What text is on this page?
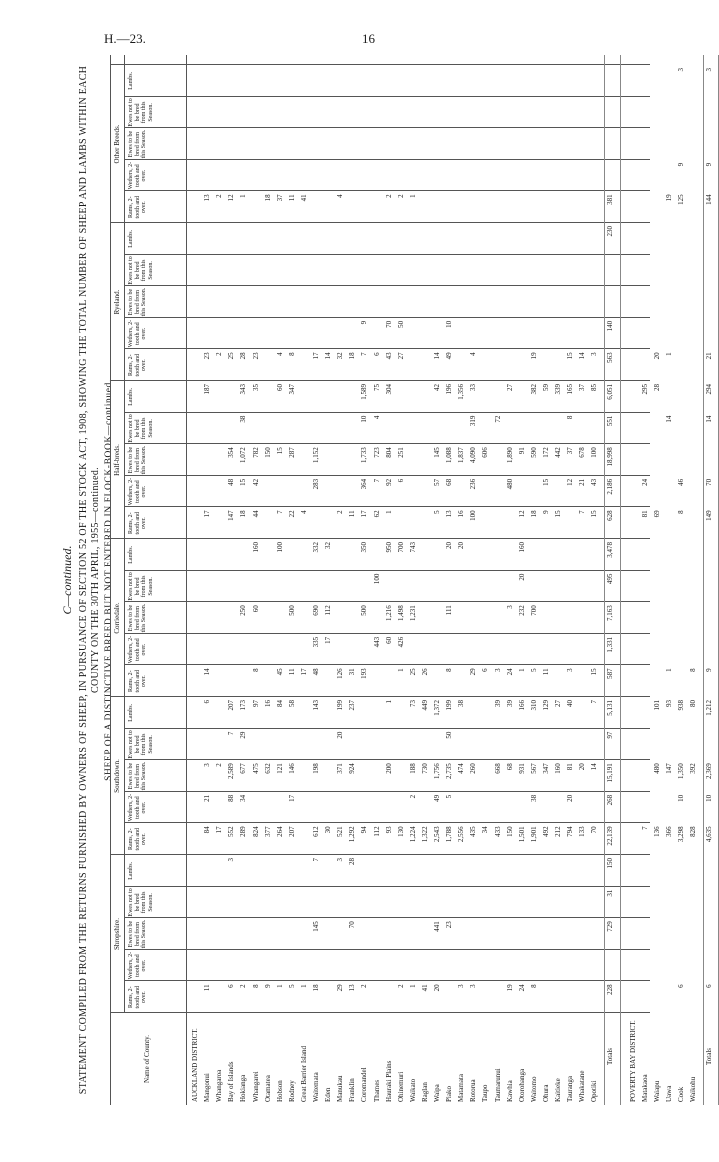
H.—23.	16
C—continued. STATEMENT COMPILED FROM THE RETURNS FURNISHED BY OWNERS OF SHEEP, IN PURSUANCE OF SECTION 52 OF THE STOCK ACT, 1908, SHOWING THE TOTAL NUMBER OF SHEEP AND LAMBS WITHIN EACH COUNTY ON THE 30TH APRIL, 1955—continued. SHEEP OF A DISTINCTIVE BREED BUT NOT ENTERED IN FLOCK-BOOK—continued.
Name of County.
Shropshire.
Rams, 2-tooth and over.
Wethers, 2-tooth and over.
Ewes to be bred from this Season.
Ewes not to be bred from this Season.
Lambs.
Southdown.
Rams, 2-tooth and over.
Wethers, 2-tooth and over.
Ewes to be bred from this Season.
Ewes not to be bred from this Season.
Lambs.
Corriedale.
Rams, 2-tooth and over.
Wethers, 2-tooth and over.
Ewes to be bred from this Season.
Ewes not to be bred from this Season.
Lambs.
Half-breds.
Rams, 2-tooth and over.
Wethers, 2-tooth and over.
Ewes to be bred from this Season.
Ewes not to be bred from this Season.
Lambs.
Ryeland.
Rams, 2-tooth and over.
Wethers, 2-tooth and over.
Ewes to be bred from this Season.
Ewes not to be bred from this Season.
Lambs.
Other Breeds.
Rams, 2-tooth and over.
Wethers, 2-tooth and over.
Ewes to be bred from this Season.
Ewes not to be bred from this Season.
Lambs.
AUCKLAND DISTRICT. Mangonui
11
84
21
3
6
14
17
187
23
13
Whangaroa
17
2
2
2
Bay of Islands
6
3
552
88
2,589
7
207
147
48
354
25
12
Hokianga
2
289
34
677
29
173
250
18
15
1,072
38
343
28
1
Whangarei
8
824
475
97
8
60
160
44
42
782
35
23
Otamatea
9
377
632
16
150
18
Hobson
1
264
121
84
45
100
7
15
60
4
37
Rodney
5
207
17
146
58
11
500
22
287
347
8
11
Great Barrier Island
1
17
4
41
Waitemata
18
145
7
612
198
143
48
335
690
332
283
1,152
17
Eden
30
17
112
32
14
Manukau
29
3
521
371
20
199
126
2
32
4
Franklin
13
70
28
1,292
924
237
31
11
18
Coromandel
2
94
193
500
350
17
364
1,733
10
1,589
7
9
Thames
112
443
100
62
7
723
4
75
6
Hauraki Plains
93
200
1
60
1,216
950
1
92
804
304
43
70
2
Ohinemuri
2
130
1
426
1,498
700
6
251
27
50
2
Waikato
1
1,224
2
188
73
25
1,231
743
1
Raglan
41
1,322
730
449
26
Waipa
20
441
2,543
49
1,756
1,372
5
57
145
42
14
Piako
23
1,788
5
2,735
50
199
8
111
20
13
68
1,088
196
49
10
Matamata
3
2,556
474
38
20
16
1,837
1,356
Rotorua
3
435
260
29
100
236
4,090
319
33
4
Taupo
34
6
606
Taumarunui
433
668
39
3
72
Kawhia
19
150
68
39
24
3
480
1,890
27
Otorohanga
24
1,501
931
166
1
232
20
160
12
91
Waitomo
8
1,901
38
567
310
5
700
18
590
382
19
Ohura
492
347
129
11
9
15
172
59
Kaitieke
212
160
27
15
442
339
Tauranga
794
20
81
40
3
12
37
8
165
15
Whakatane
133
20
7
21
678
37
14
Opotiki
70
14
7
15
15
43
100
85
3
Totals
228
729
31
150
22,139
268
15,191
97
5,131
587
1,331
7,163
495
3,478
628
2,186
18,998
551
6,051
563
140
230
381
POVERTY BAY DISTRICT. Matakaoa
7
81
24
295
Waiapu
136
480
101
69
28
20
Uawa
366
147
93
1
14
1
19
Cook
6
3,298
10
1,350
938
8
46
125
9
3
Waikohu
828
392
80
8
Totals
6
4,635
10
2,369
1,212
9
149
70
14
294
21
144
9
3
